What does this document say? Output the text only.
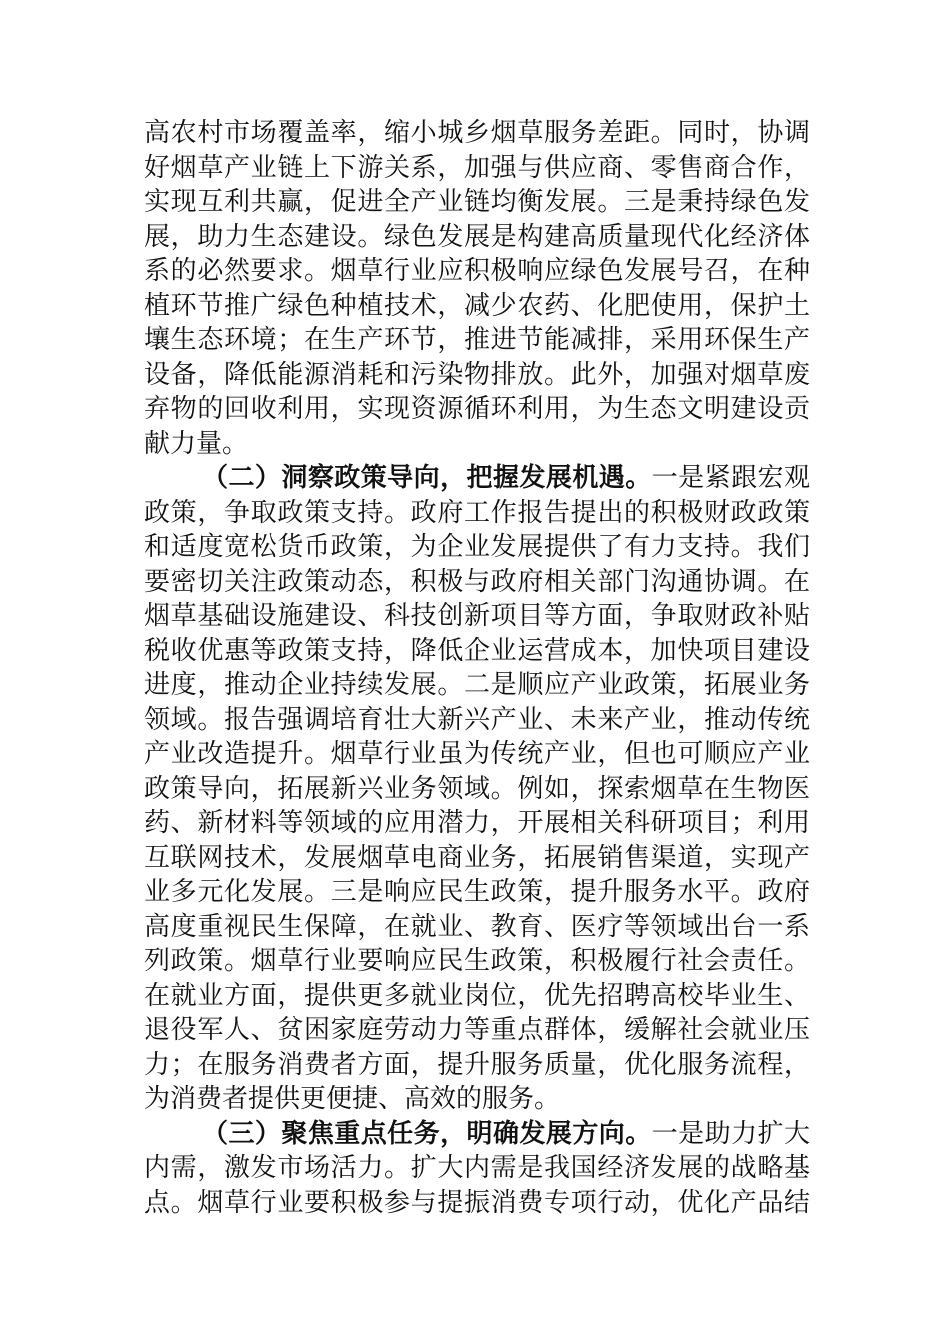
高农村市场覆盖率，缩小城乡烟草服务差距。同时，协调
好烟草产业链上下游关系，加强与供应商、零售商合作，
实现互利共赢，促进全产业链均衡发展。三是秉持绿色发
展，助力生态建设。绿色发展是构建高质量现代化经济体
系的必然要求。烟草行业应积极响应绿色发展号召，在种
植环节推广绿色种植技术，减少农药、化肥使用，保护土
壤生态环境；在生产环节，推进节能减排，采用环保生产
设备，降低能源消耗和污染物排放。此外，加强对烟草废
弃物的回收利用，实现资源循环利用，为生态文明建设贡
献力量。
（二）洞察政策导向，把握发展机遇。一是紧跟宏观
政策，争取政策支持。政府工作报告提出的积极财政政策
和适度宽松货币政策，为企业发展提供了有力支持。我们
要密切关注政策动态，积极与政府相关部门沟通协调。在
烟草基础设施建设、科技创新项目等方面，争取财政补贴
税收优惠等政策支持，降低企业运营成本，加快项目建设
进度，推动企业持续发展。二是顺应产业政策，拓展业务
领域。报告强调培育壮大新兴产业、未来产业，推动传统
产业改造提升。烟草行业虽为传统产业，但也可顺应产业
政策导向，拓展新兴业务领域。例如，探索烟草在生物医
药、新材料等领域的应用潜力，开展相关科研项目；利用
互联网技术，发展烟草电商业务，拓展销售渠道，实现产
业多元化发展。三是响应民生政策，提升服务水平。政府
高度重视民生保障，在就业、教育、医疗等领域出台一系
列政策。烟草行业要响应民生政策，积极履行社会责任。
在就业方面，提供更多就业岗位，优先招聘高校毕业生、
退役军人、贫困家庭劳动力等重点群体，缓解社会就业压
力；在服务消费者方面，提升服务质量，优化服务流程，
为消费者提供更便捷、高效的服务。
（三）聚焦重点任务，明确发展方向。一是助力扩大
内需，激发市场活力。扩大内需是我国经济发展的战略基
点。烟草行业要积极参与提振消费专项行动，优化产品结
